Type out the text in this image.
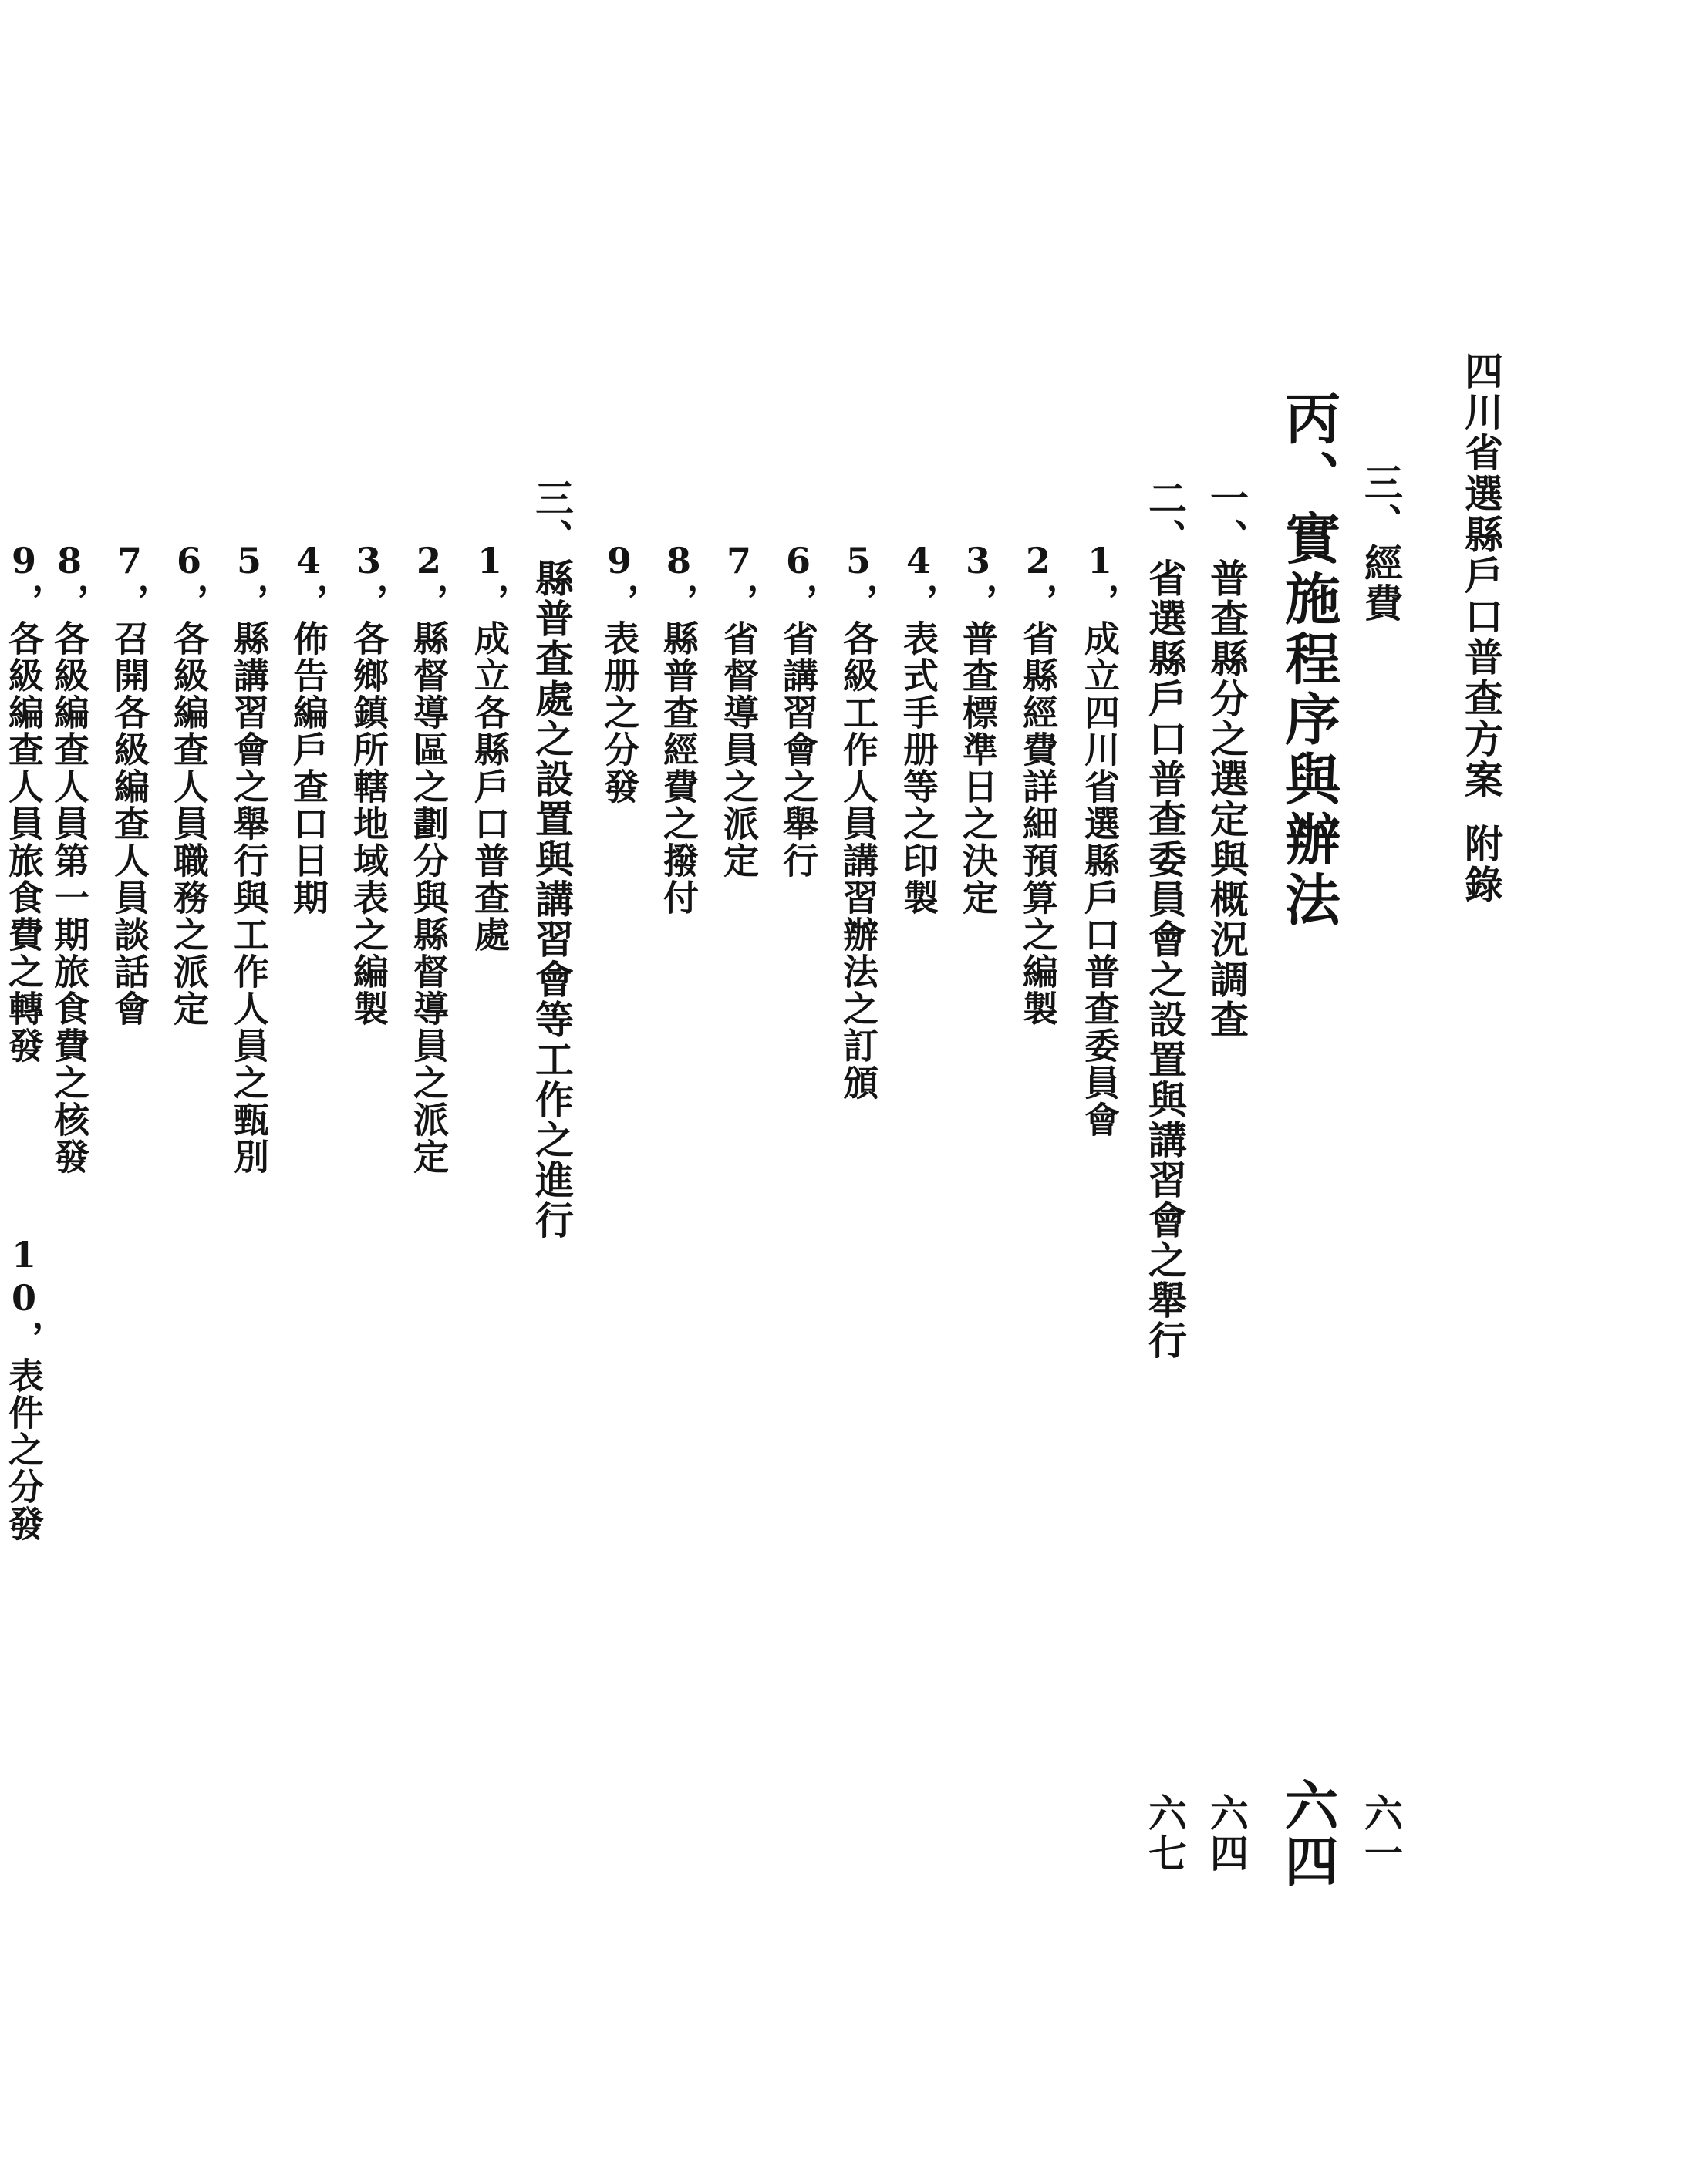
四川省選縣戶口普查方案附錄
三、經費
丙、實施程序與辦法
一、普查縣分之選定與概況調查
二、省選縣戶口普查委員會之設置與講習會之舉行
1，成立四川省選縣戶口普查委員會
2，省縣經費詳細預算之編製
3，普查標準日之決定
4，表式手册等之印製
5，各級工作人員講習辦法之訂頒
6，省講習會之舉行
7，省督導員之派定
8，縣普查經費之撥付
9，表册之分發
三、縣普查處之設置與講習會等工作之進行
1，成立各縣戶口普查處
2，縣督導區之劃分與縣督導員之派定
3，各鄉鎮所轄地域表之編製
4，佈告編戶查口日期
5，縣講習會之舉行與工作人員之甄別
6，各級編查人員職務之派定
7，召開各級編查人員談話會
8，各級編查人員第一期旅食費之核發
9，各級編查人員旅食費之轉發
10，表件之分發
六一
六四
六四
六七
